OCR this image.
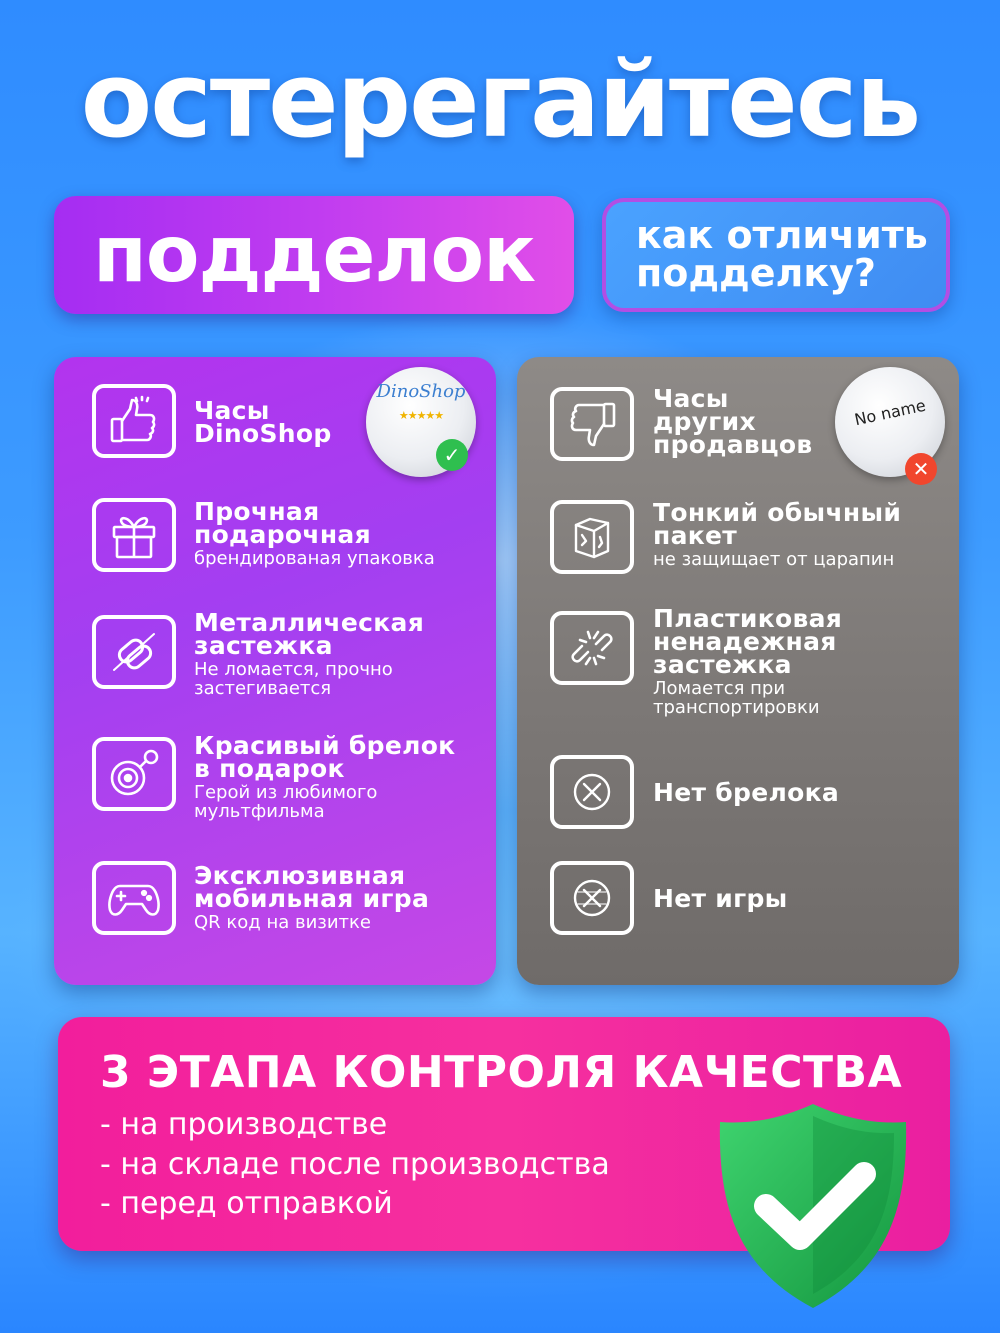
остерегайтесь
подделок	как отличить
подделку?
DinoShop
★★★★★
✓
Часы
DinoShop
Прочная
подарочная
брендированая упаковка
Металлическая
застежка
Не ломается, прочно
застегивается
Красивый брелок
в подарок
Герой из любимого
мультфильма
Эксклюзивная
мобильная игра
QR код на визитке
No name
✕
Часы
других
продавцов
Тонкий обычный
пакет
не защищает от царапин
Пластиковая
ненадежная
застежка
Ломается при
транспортировки
Нет брелока
Нет игры
3 ЭТАПА КОНТРОЛЯ КАЧЕСТВА
- на производстве
- на складе после производства
- перед отправкой
